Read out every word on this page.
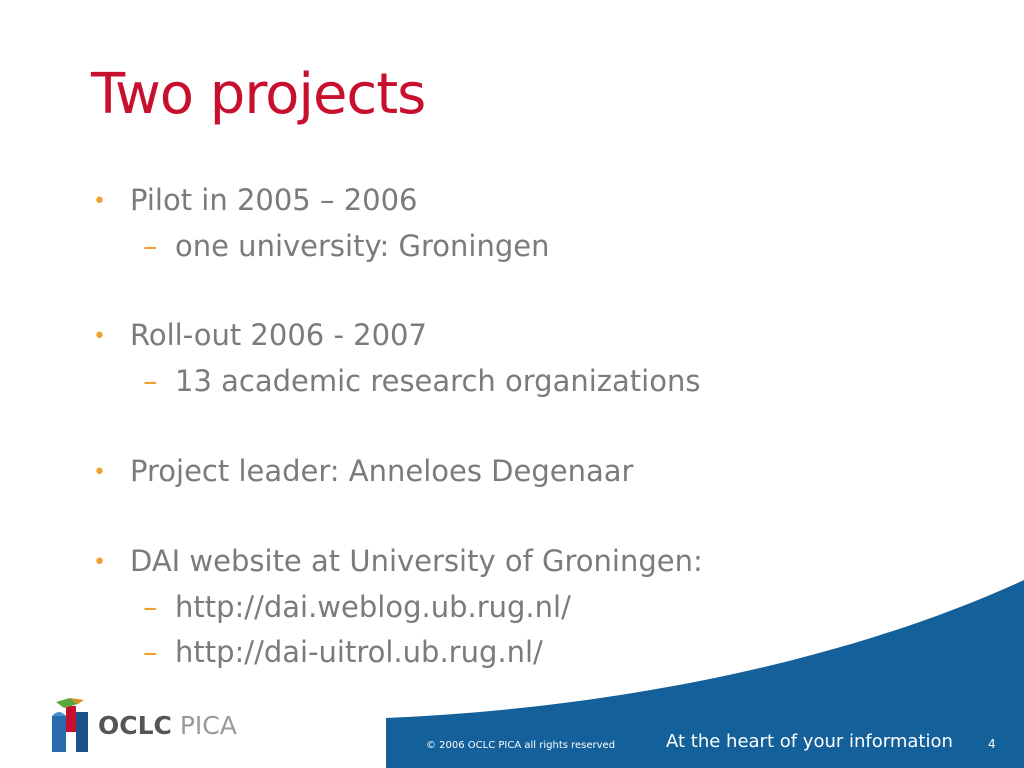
Two projects
• Pilot in 2005 – 2006
– one university: Groningen
• Roll-out 2006 - 2007
– 13 academic research organizations
• Project leader: Anneloes Degenaar
• DAI website at University of Groningen:
– http://dai.weblog.ub.rug.nl/
– http://dai-uitrol.ub.rug.nl/
OCLC PICA
© 2006 OCLC PICA all rights reserved	At the heart of your information	4
